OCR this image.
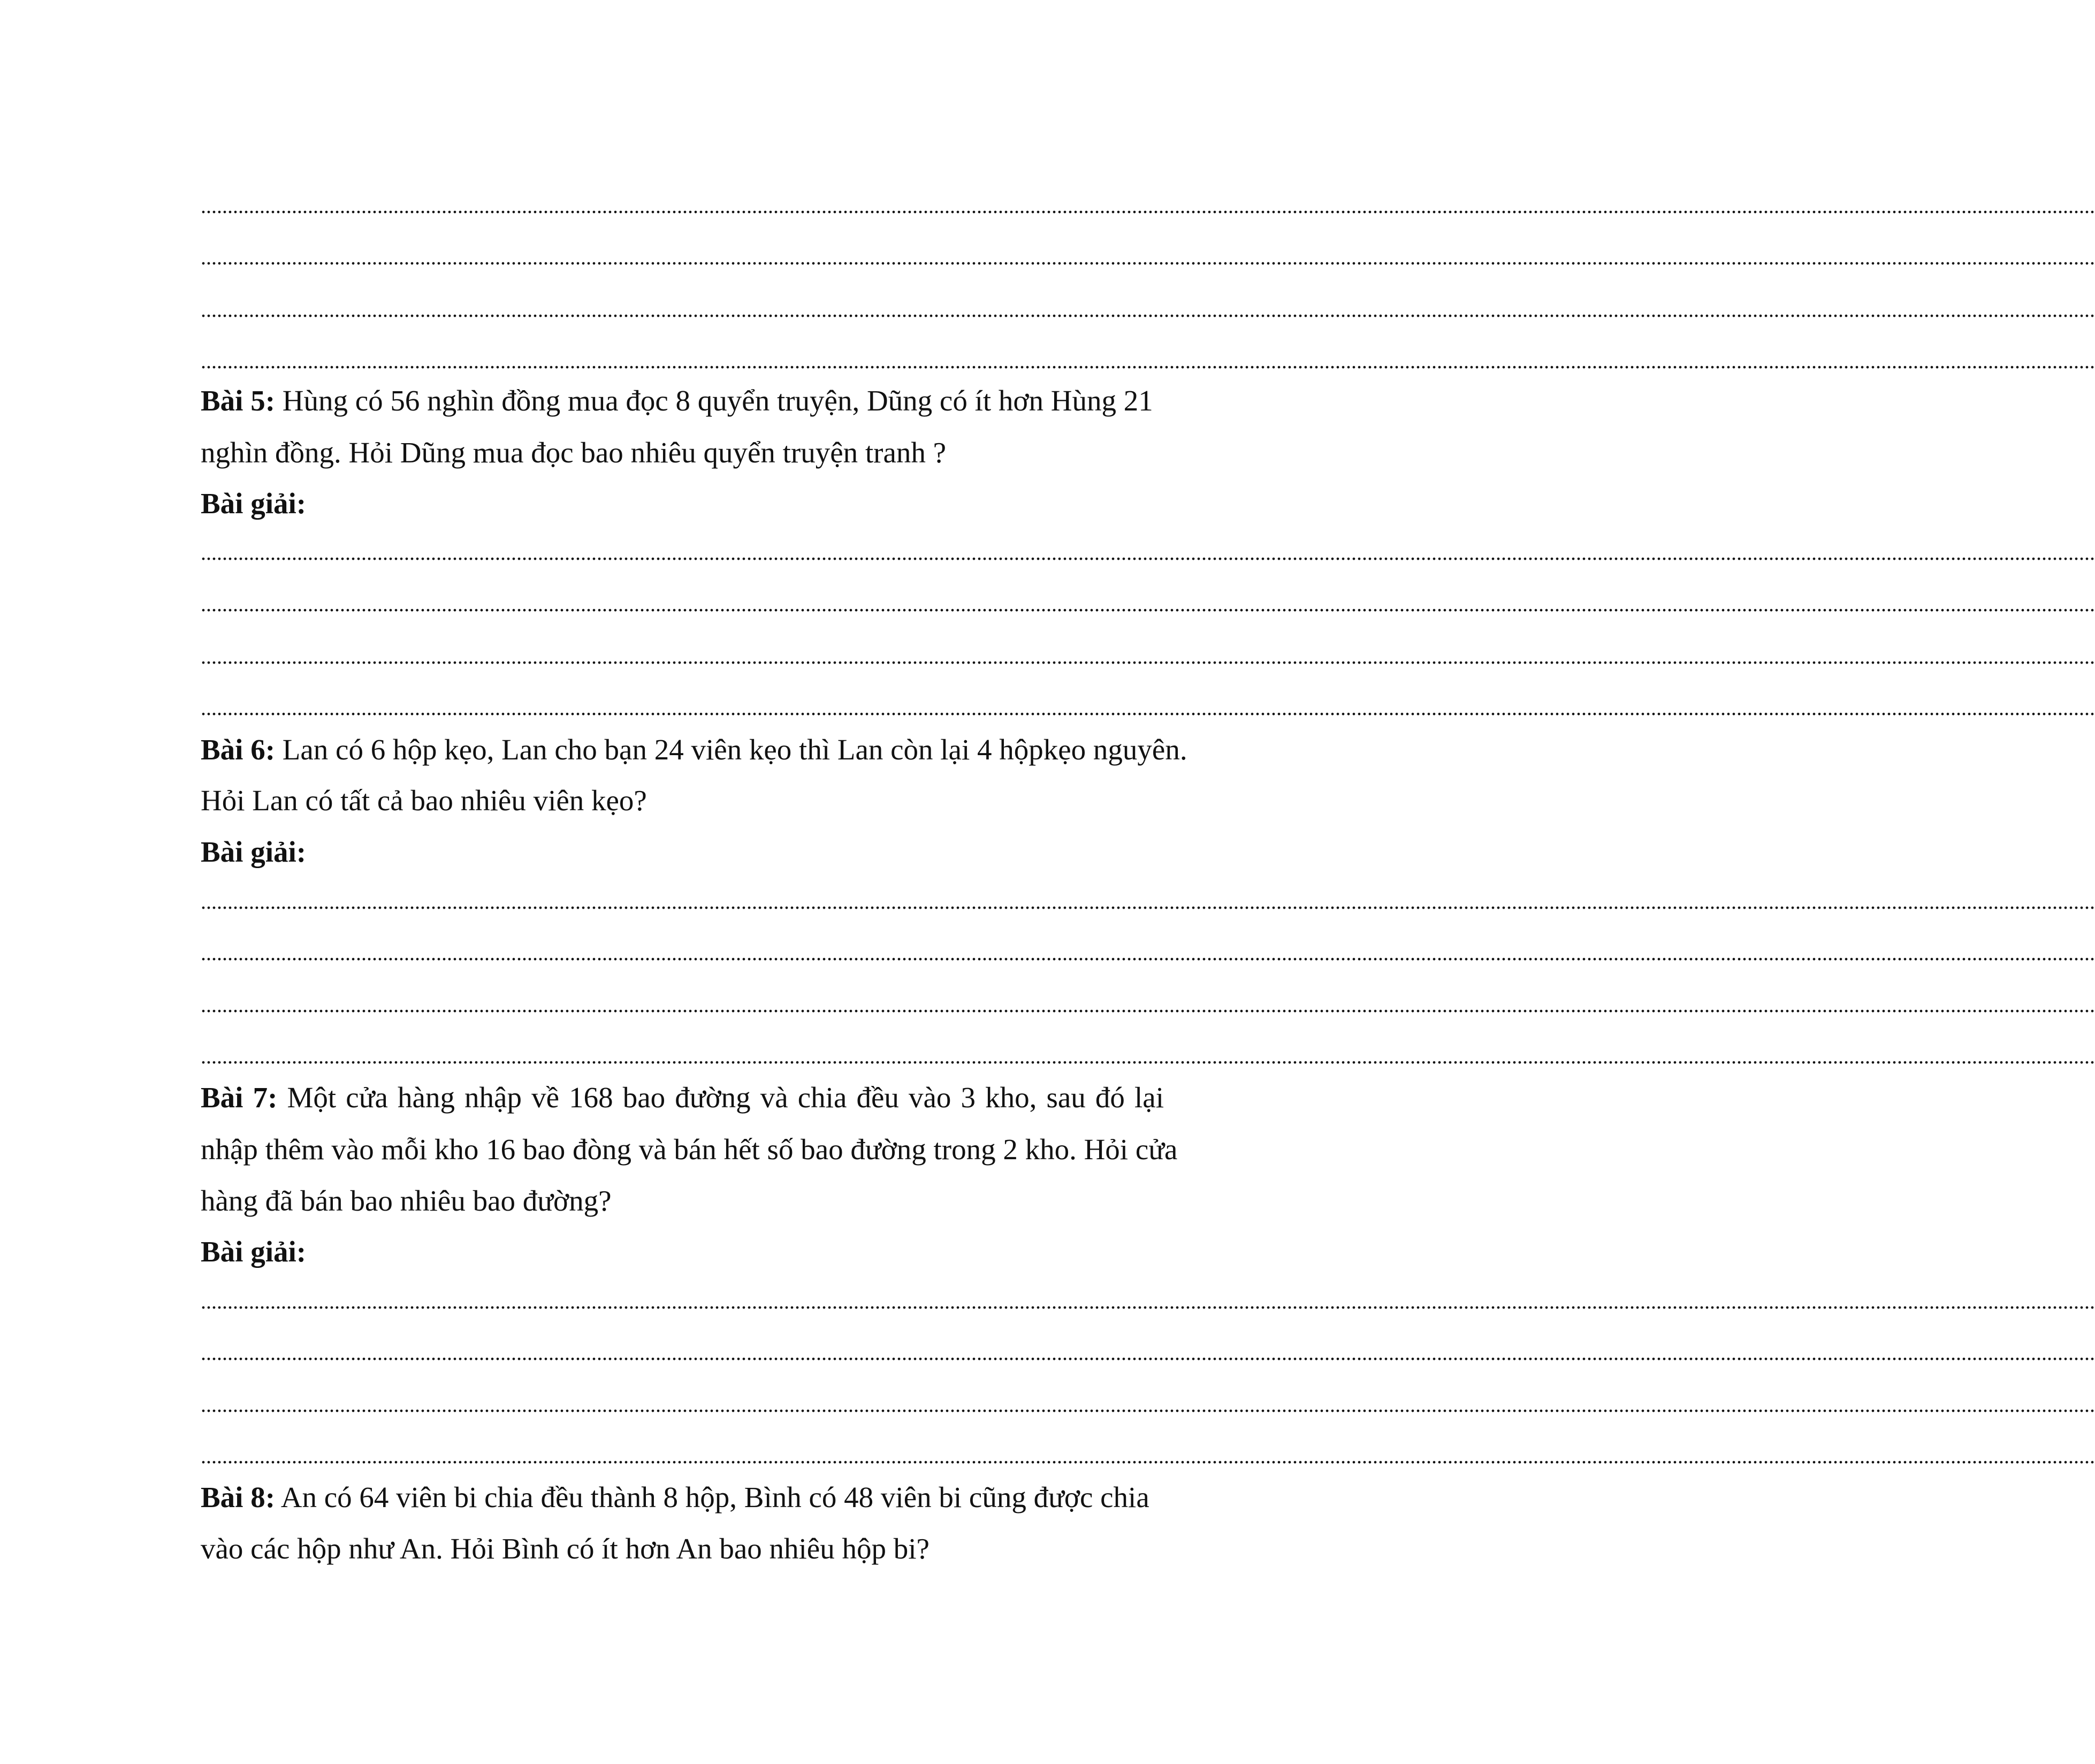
..................................................................................................................................................................................................................................................................................................................................................................
..................................................................................................................................................................................................................................................................................................................................................................
..................................................................................................................................................................................................................................................................................................................................................................
..................................................................................................................................................................................................................................................................................................................................................................
Bài 5: Hùng có 56 nghìn đồng mua đọc 8 quyển truyện, Dũng có ít hơn Hùng 21
nghìn đồng. Hỏi Dũng mua đọc bao nhiêu quyển truyện tranh ?
Bài giải:
..................................................................................................................................................................................................................................................................................................................................................................
..................................................................................................................................................................................................................................................................................................................................................................
..................................................................................................................................................................................................................................................................................................................................................................
..................................................................................................................................................................................................................................................................................................................................................................
Bài 6: Lan có 6 hộp kẹo, Lan cho bạn 24 viên kẹo thì Lan còn lại 4 hộpkẹo nguyên.
Hỏi Lan có tất cả bao nhiêu viên kẹo?
Bài giải:
..................................................................................................................................................................................................................................................................................................................................................................
..................................................................................................................................................................................................................................................................................................................................................................
..................................................................................................................................................................................................................................................................................................................................................................
..................................................................................................................................................................................................................................................................................................................................................................
Bài 7: Một cửa hàng nhập về 168 bao đường và chia đều vào 3 kho, sau đó lại
nhập thêm vào mỗi kho 16 bao đòng và bán hết số bao đường trong 2 kho. Hỏi cửa
hàng đã bán bao nhiêu bao đường?
Bài giải:
..................................................................................................................................................................................................................................................................................................................................................................
..................................................................................................................................................................................................................................................................................................................................................................
..................................................................................................................................................................................................................................................................................................................................................................
..................................................................................................................................................................................................................................................................................................................................................................
Bài 8: An có 64 viên bi chia đều thành 8 hộp, Bình có 48 viên bi cũng được chia
vào các hộp như An. Hỏi Bình có ít hơn An bao nhiêu hộp bi?
